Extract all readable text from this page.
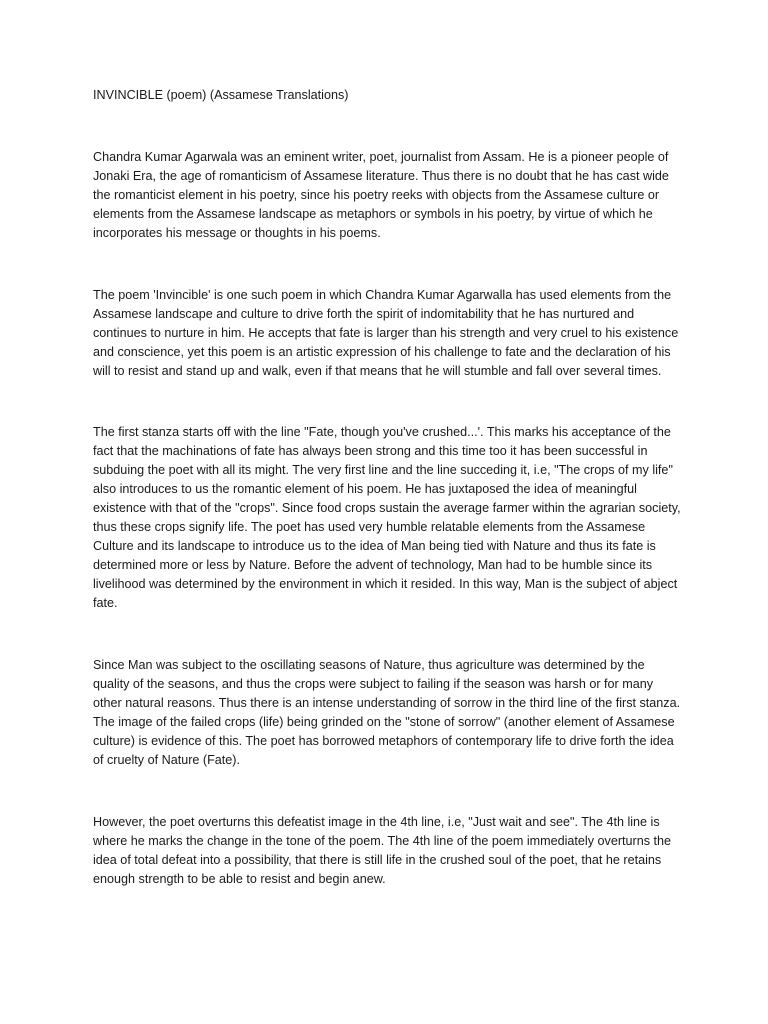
INVINCIBLE (poem) (Assamese Translations)

Chandra Kumar Agarwala was an eminent writer, poet, journalist from Assam. He is a pioneer people of Jonaki Era, the age of romanticism of Assamese literature. Thus there is no doubt that he has cast wide the romanticist element in his poetry, since his poetry reeks with objects from the Assamese culture or elements from the Assamese landscape as metaphors or symbols in his poetry, by virtue of which he incorporates his message or thoughts in his poems.

The poem 'Invincible' is one such poem in which Chandra Kumar Agarwalla has used elements from the Assamese landscape and culture to drive forth the spirit of indomitability that he has nurtured and continues to nurture in him. He accepts that fate is larger than his strength and very cruel to his existence and conscience, yet this poem is an artistic expression of his challenge to fate and the declaration of his will to resist and stand up and walk, even if that means that he will stumble and fall over several times.

The first stanza starts off with the line "Fate, though you've crushed...'. This marks his acceptance of the fact that the machinations of fate has always been strong and this time too it has been successful in subduing the poet with all its might. The very first line and the line succeding it, i.e, "The crops of my life" also introduces to us the romantic element of his poem. He has juxtaposed the idea of meaningful existence with that of the "crops". Since food crops sustain the average farmer within the agrarian society, thus these crops signify life. The poet has used very humble relatable elements from the Assamese Culture and its landscape to introduce us to the idea of Man being tied with Nature and thus its fate is determined more or less by Nature. Before the advent of technology, Man had to be humble since its livelihood was determined by the environment in which it resided. In this way, Man is the subject of abject fate.

Since Man was subject to the oscillating seasons of Nature, thus agriculture was determined by the quality of the seasons, and thus the crops were subject to failing if the season was harsh or for many other natural reasons. Thus there is an intense understanding of sorrow in the third line of the first stanza. The image of the failed crops (life) being grinded on the "stone of sorrow" (another element of Assamese culture) is evidence of this. The poet has borrowed metaphors of contemporary life to drive forth the idea of cruelty of Nature (Fate).

However, the poet overturns this defeatist image in the 4th line, i.e, "Just wait and see". The 4th line is where he marks the change in the tone of the poem. The 4th line of the poem immediately overturns the idea of total defeat into a possibility, that there is still life in the crushed soul of the poet, that he retains enough strength to be able to resist and begin anew.
